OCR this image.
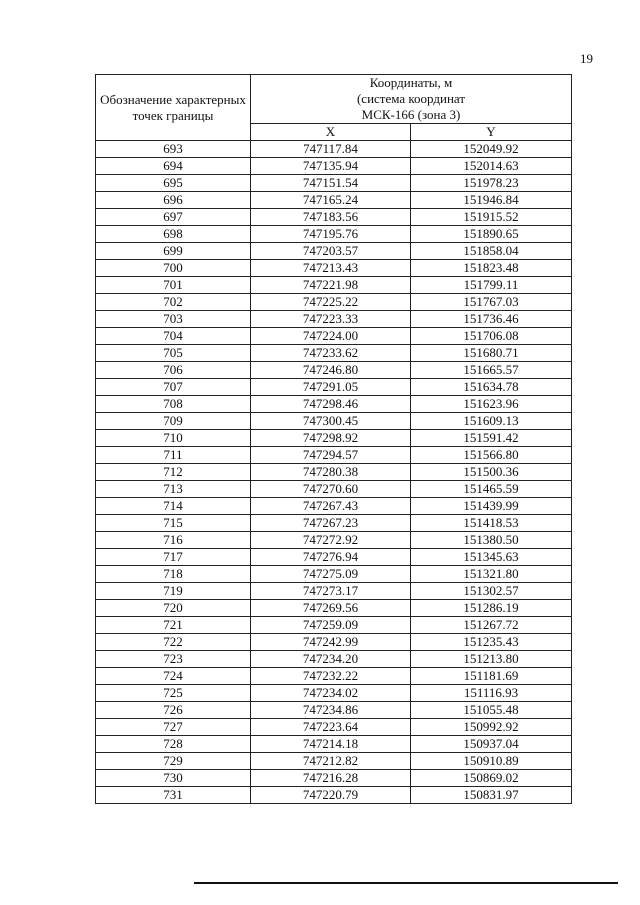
19
Обозначение характерных точек границы	Координаты, м
(система координат
МСК-166 (зона 3)	

	X	Y
693	747117.84	152049.92
694	747135.94	152014.63
695	747151.54	151978.23
696	747165.24	151946.84
697	747183.56	151915.52
698	747195.76	151890.65
699	747203.57	151858.04
700	747213.43	151823.48
701	747221.98	151799.11
702	747225.22	151767.03
703	747223.33	151736.46
704	747224.00	151706.08
705	747233.62	151680.71
706	747246.80	151665.57
707	747291.05	151634.78
708	747298.46	151623.96
709	747300.45	151609.13
710	747298.92	151591.42
711	747294.57	151566.80
712	747280.38	151500.36
713	747270.60	151465.59
714	747267.43	151439.99
715	747267.23	151418.53
716	747272.92	151380.50
717	747276.94	151345.63
718	747275.09	151321.80
719	747273.17	151302.57
720	747269.56	151286.19
721	747259.09	151267.72
722	747242.99	151235.43
723	747234.20	151213.80
724	747232.22	151181.69
725	747234.02	151116.93
726	747234.86	151055.48
727	747223.64	150992.92
728	747214.18	150937.04
729	747212.82	150910.89
730	747216.28	150869.02
731	747220.79	150831.97
